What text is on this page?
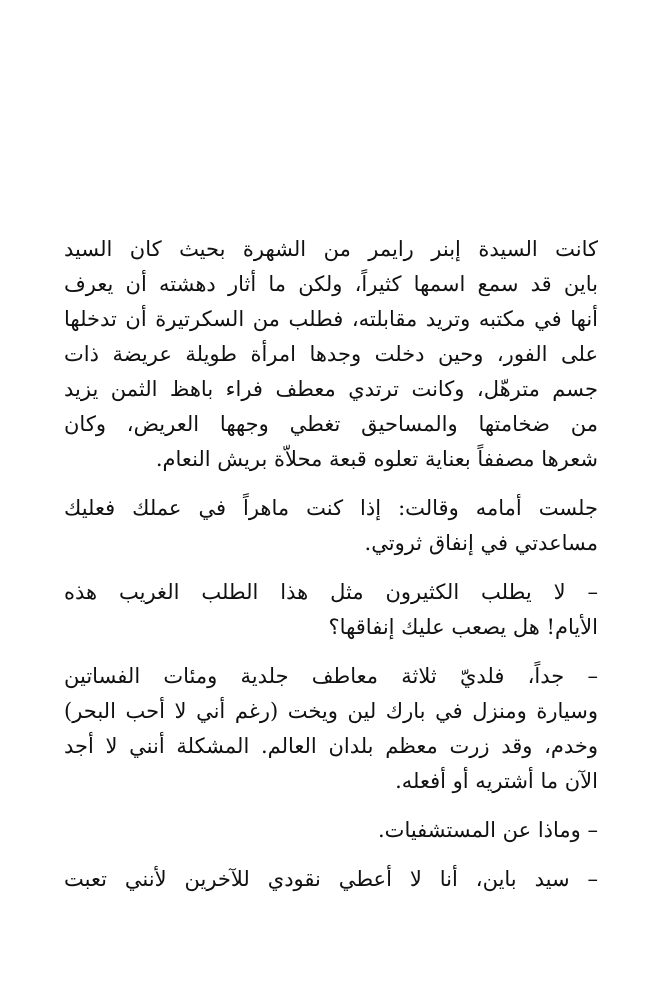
كانت السيدة إبنر رايمر من الشهرة بحيث كان السيد
باين قد سمع اسمها كثيراً، ولكن ما أثار دهشته أن يعرف
أنها في مكتبه وتريد مقابلته، فطلب من السكرتيرة أن تدخلها
على الفور، وحين دخلت وجدها امرأة طويلة عريضة ذات
جسم مترهّل، وكانت ترتدي معطف فراء باهظ الثمن يزيد
من ضخامتها والمساحيق تغطي وجهها العريض، وكان
شعرها مصففاً بعناية تعلوه قبعة محلاّة بريش النعام.

جلست أمامه وقالت: إذا كنت ماهراً في عملك فعليك
مساعدتي في إنفاق ثروتي.

– لا يطلب الكثيرون مثل هذا الطلب الغريب هذه
الأيام! هل يصعب عليك إنفاقها؟

– جداً، فلديّ ثلاثة معاطف جلدية ومئات الفساتين
وسيارة ومنزل في بارك لين ويخت (رغم أني لا أحب البحر)
وخدم، وقد زرت معظم بلدان العالم. المشكلة أنني لا أجد
الآن ما أشتريه أو أفعله.

– وماذا عن المستشفيات.

– سيد باين، أنا لا أعطي نقودي للآخرين لأنني تعبت
